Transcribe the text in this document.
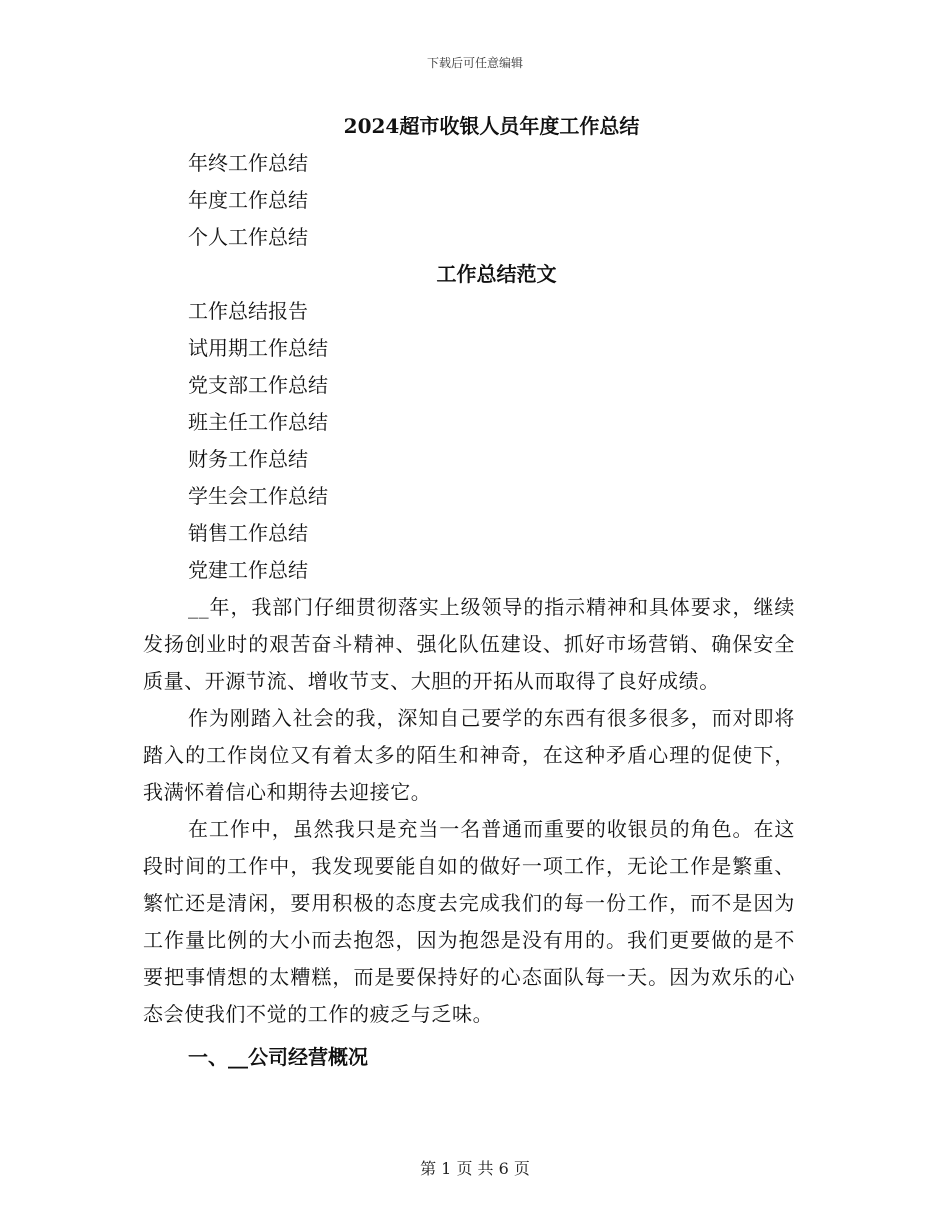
下载后可任意编辑
2024超市收银人员年度工作总结
年终工作总结
年度工作总结
个人工作总结
工作总结范文
工作总结报告
试用期工作总结
党支部工作总结
班主任工作总结
财务工作总结
学生会工作总结
销售工作总结
党建工作总结

__年，我部门仔细贯彻落实上级领导的指示精神和具体要求，继续发扬创业时的艰苦奋斗精神、强化队伍建设、抓好市场营销、确保安全质量、开源节流、增收节支、大胆的开拓从而取得了良好成绩。

作为刚踏入社会的我，深知自己要学的东西有很多很多，而对即将踏入的工作岗位又有着太多的陌生和神奇，在这种矛盾心理的促使下，我满怀着信心和期待去迎接它。

在工作中，虽然我只是充当一名普通而重要的收银员的角色。在这段时间的工作中，我发现要能自如的做好一项工作，无论工作是繁重、繁忙还是清闲，要用积极的态度去完成我们的每一份工作，而不是因为工作量比例的大小而去抱怨，因为抱怨是没有用的。我们更要做的是不要把事情想的太糟糕，而是要保持好的心态面队每一天。因为欢乐的心态会使我们不觉的工作的疲乏与乏味。

一、__公司经营概况
第 1 页 共 6 页
